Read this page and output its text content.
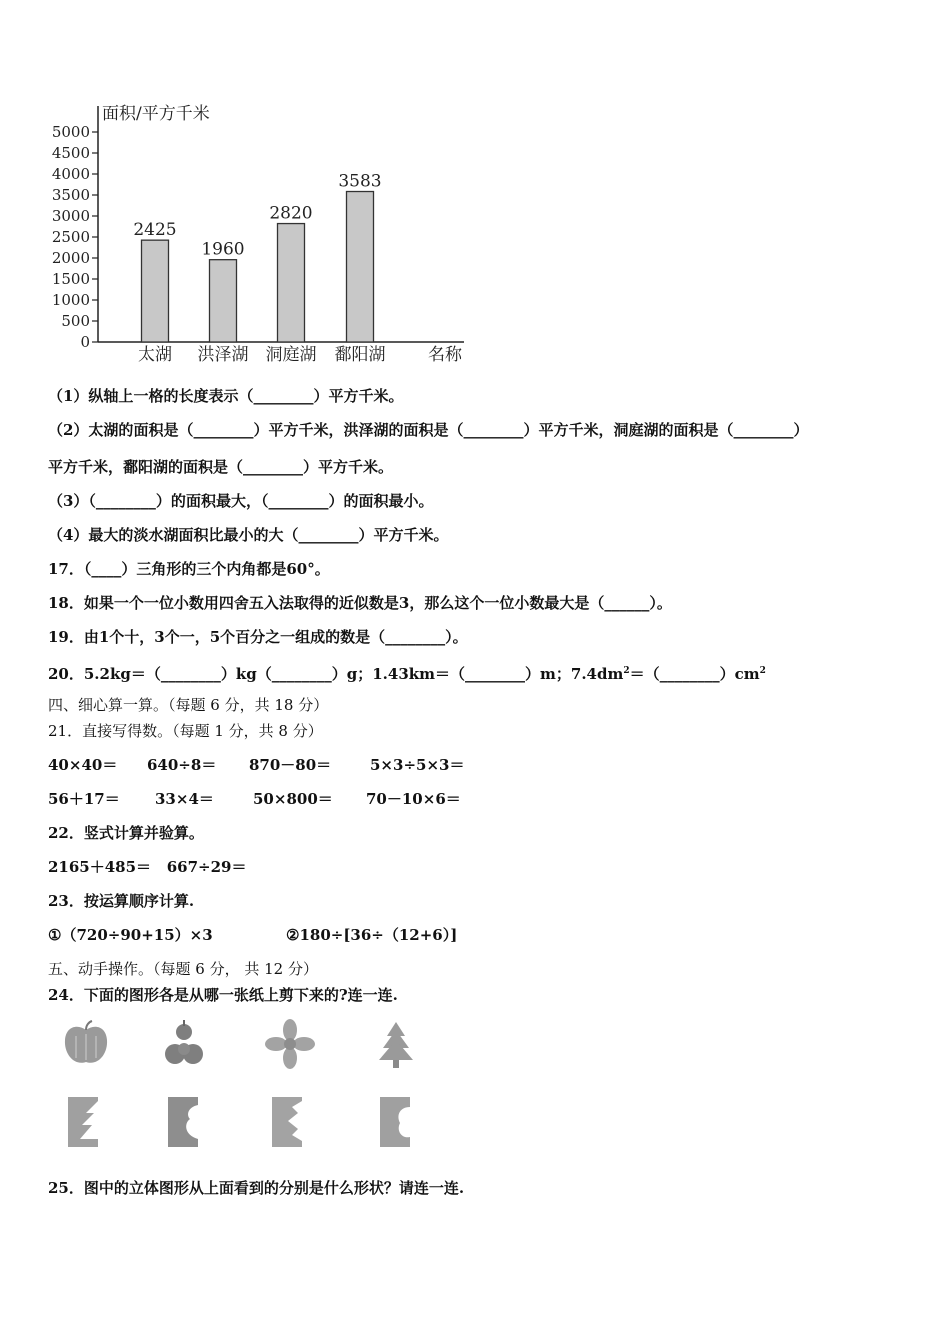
面积/平方千米
0
500
1000
1500
2000
2500
3000
3500
4000
4500
5000
2425
太湖
1960
洪泽湖
2820
洞庭湖
3583
鄱阳湖	名称
（1）纵轴上一格的长度表示（________）平方千米。
（2）太湖的面积是（________）平方千米，洪泽湖的面积是（________）平方千米，洞庭湖的面积是（________）
平方千米，鄱阳湖的面积是（________）平方千米。
（3）（________）的面积最大，（________）的面积最小。
（4）最大的淡水湖面积比最小的大（________）平方千米。
17．（____）三角形的三个内角都是60°。
18．如果一个一位小数用四舍五入法取得的近似数是3，那么这个一位小数最大是（______）。
19．由1个十，3个一，5个百分之一组成的数是（________）。
20．5.2kg＝（________）kg（________）g；1.43km＝（________）m；$7.4dm^2=(\_\_\_\_\_\_\_\_)cm^2$
四、细心算一算。（每题 6 分，共 18 分）
21．直接写得数。（每题 1 分，共 8 分）
40×40＝ 640÷8＝ 870－80＝	5×3÷5×3＝
56＋17＝ 33×4＝	50×800＝ 70－10×6＝
22．竖式计算并验算。
2165＋485＝   667÷29＝
23．按运算顺序计算.
①（720÷90+15）×3	②180÷[36÷（12+6）]
五、动手操作。（每题 6 分， 共 12 分）
24．下面的图形各是从哪一张纸上剪下来的?连一连.
25．图中的立体图形从上面看到的分别是什么形状？请连一连.
